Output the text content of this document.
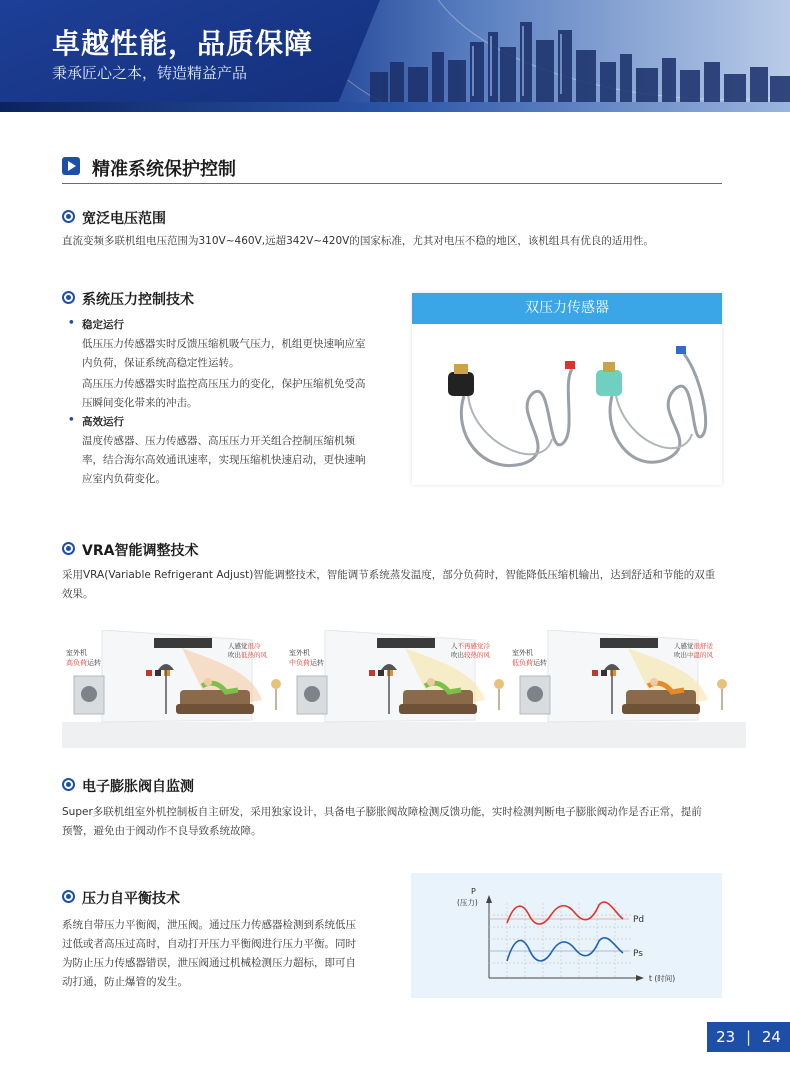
卓越性能，品质保障
秉承匠心之本，铸造精益产品
精准系统保护控制
宽泛电压范围
直流变频多联机组电压范围为310V~460V,远超342V~420V的国家标准，尤其对电压不稳的地区，该机组具有优良的适用性。
系统压力控制技术
• 稳定运行
低压压力传感器实时反馈压缩机吸气压力，机组更快速响应室
内负荷，保证系统高稳定性运转。
高压压力传感器实时监控高压压力的变化，保护压缩机免受高
压瞬间变化带来的冲击。
• 高效运行
温度传感器、压力传感器、高压压力开关组合控制压缩机频
率，结合海尔高效通讯速率，实现压缩机快速启动，更快速响
应室内负荷变化。
双压力传感器
VRA智能调整技术
采用VRA(Variable Refrigerant Adjust)智能调整技术，智能调节系统蒸发温度，部分负荷时，智能降低压缩机输出，达到舒适和节能的双重
效果。
室外机
高负荷运转
人感觉很冷
吹出低热的风	室外机
中负荷运转
人不再感觉冷
吹出较热的风	室外机
低负荷运转
人感觉很舒适
吹出中温的风
电子膨胀阀自监测
Super多联机组室外机控制板自主研发，采用独家设计，具备电子膨胀阀故障检测反馈功能，实时检测判断电子膨胀阀动作是否正常，提前
预警，避免由于阀动作不良导致系统故障。
压力自平衡技术
系统自带压力平衡阀，泄压阀。通过压力传感器检测到系统低压
过低或者高压过高时，自动打开压力平衡阀进行压力平衡。同时
为防止压力传感器错误，泄压阀通过机械检测压力超标，即可自
动打通，防止爆管的发生。
P
(压力)
t (时间)
Pd
Ps
23 | 24
